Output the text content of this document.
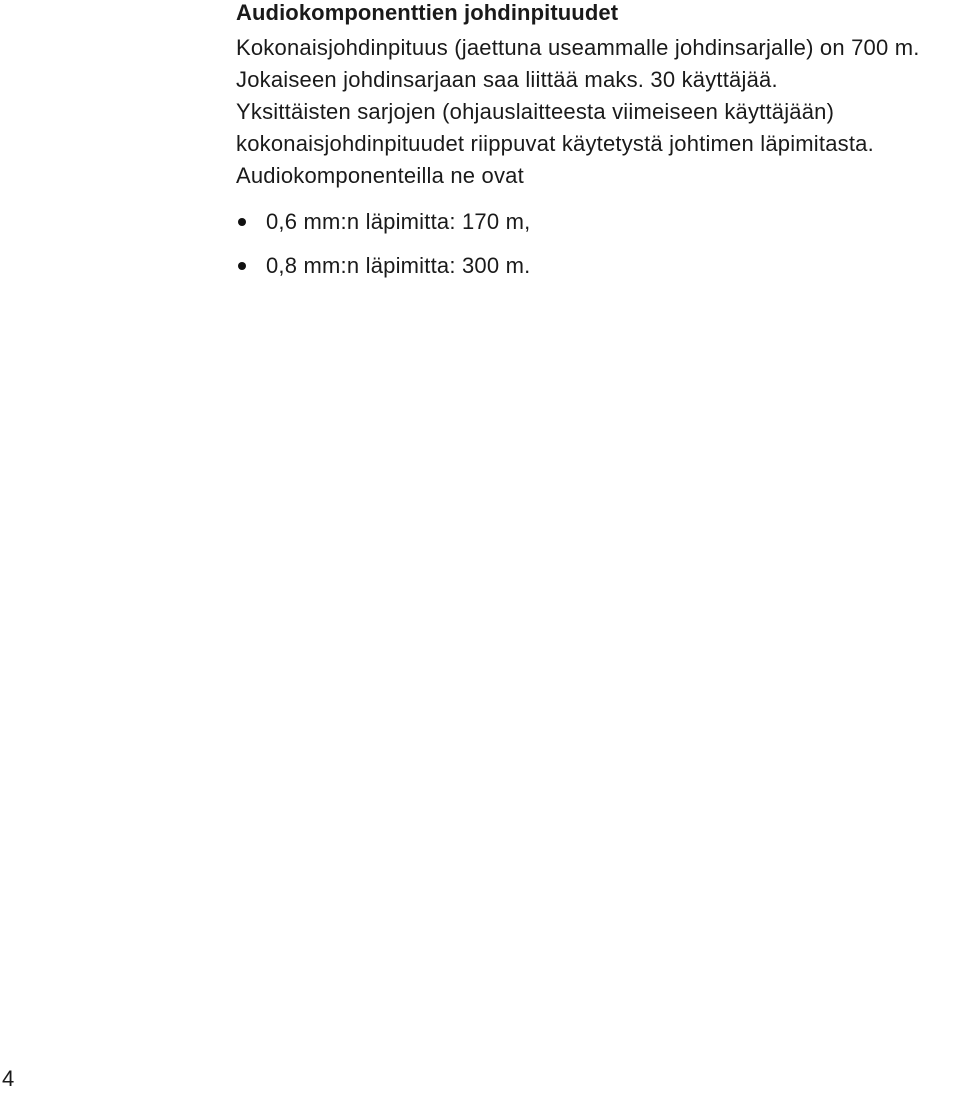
Audiokomponenttien johdinpituudet

Kokonaisjohdinpituus (jaettuna useammalle johdinsarjalle) on 700 m.

Jokaiseen johdinsarjaan saa liittää maks. 30 käyttäjää.

Yksittäisten sarjojen (ohjauslaitteesta viimeiseen käyttäjään) kokonaisjohdinpituudet riippuvat käytetystä johtimen läpimitasta. Audiokomponenteilla ne ovat

0,6 mm:n läpimitta: 170 m,
0,8 mm:n läpimitta: 300 m.
4
